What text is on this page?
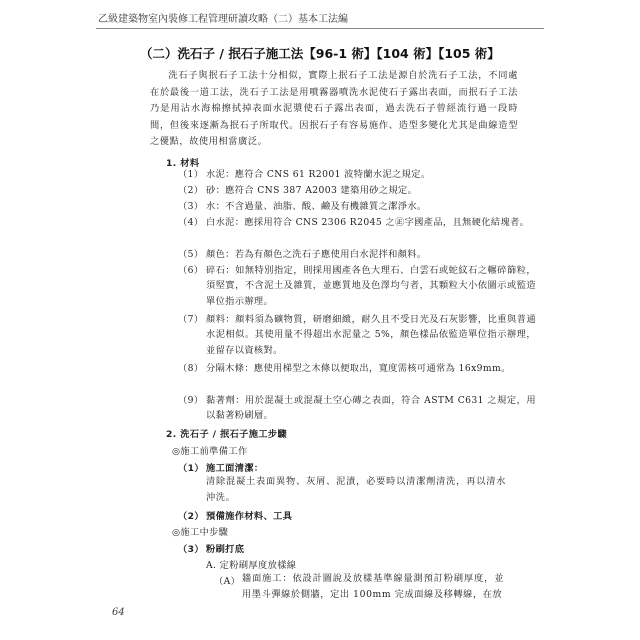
乙級建築物室內裝修工程管理研讀攻略（二）基本工法編
（二）洗石子 / 抿石子施工法【96-1 術】【104 術】【105 術】
洗石子與抿石子工法十分相似，實際上抿石子工法是源自於洗石子工法，不同處在於最後一道工法，洗石子工法是用噴霧器噴洗水泥使石子露出表面，而抿石子工法乃是用沾水海棉擦拭掉表面水泥漿使石子露出表面，過去洗石子曾經流行過一段時間，但後來逐漸為抿石子所取代。因抿石子有容易施作、造型多變化尤其是曲線造型之優點，故使用相當廣泛。
1. 材料
（1） 水泥：應符合 CNS 61 R2001 波特蘭水泥之規定。
（2） 砂：應符合 CNS 387 A2003 建築用砂之規定。
（3） 水：不含過量、油脂、酸、鹼及有機雜質之潔淨水。
（4） 白水泥：應採用符合 CNS 2306 R2045 之㊣字國產品，且無硬化結塊者。
（5） 顏色：若為有顏色之洗石子應使用白水泥拌和顏料。
（6） 碎石：如無特別指定，則採用國產各色大理石、白雲石或蛇紋石之輾碎篩粒，須堅實，不含泥土及雜質，並應質地及色澤均勻者，其顆粒大小依圖示或監造單位指示辦理。
（7） 顏料：顏料須為礦物質，研磨細緻，耐久且不受日光及石灰影響，比重與普通水泥相似。其使用量不得超出水泥量之 5%，顏色樣品依監造單位指示辦理，並留存以資核對。
（8） 分隔木條：應使用梯型之木條以便取出，寬度需核可通常為 16x9mm。
（9） 黏著劑：用於混凝土或混凝土空心磚之表面，符合 ASTM C631 之規定，用以黏著粉刷層。
2. 洗石子 / 抿石子施工步驟
◎施工前準備工作
（1） 施工面清潔：
清除混凝土表面異物、灰屑、泥漬，必要時以清潔劑清洗，再以清水沖洗。
（2） 預備施作材料、工具
◎施工中步驟
（3） 粉刷打底
A. 定粉刷厚度放樣線
（A） 牆面施工：依設計圖說及放樣基準線量測預訂粉刷厚度，並用墨斗彈線於側牆，定出 100mm 完成面線及移轉線，在放
64
